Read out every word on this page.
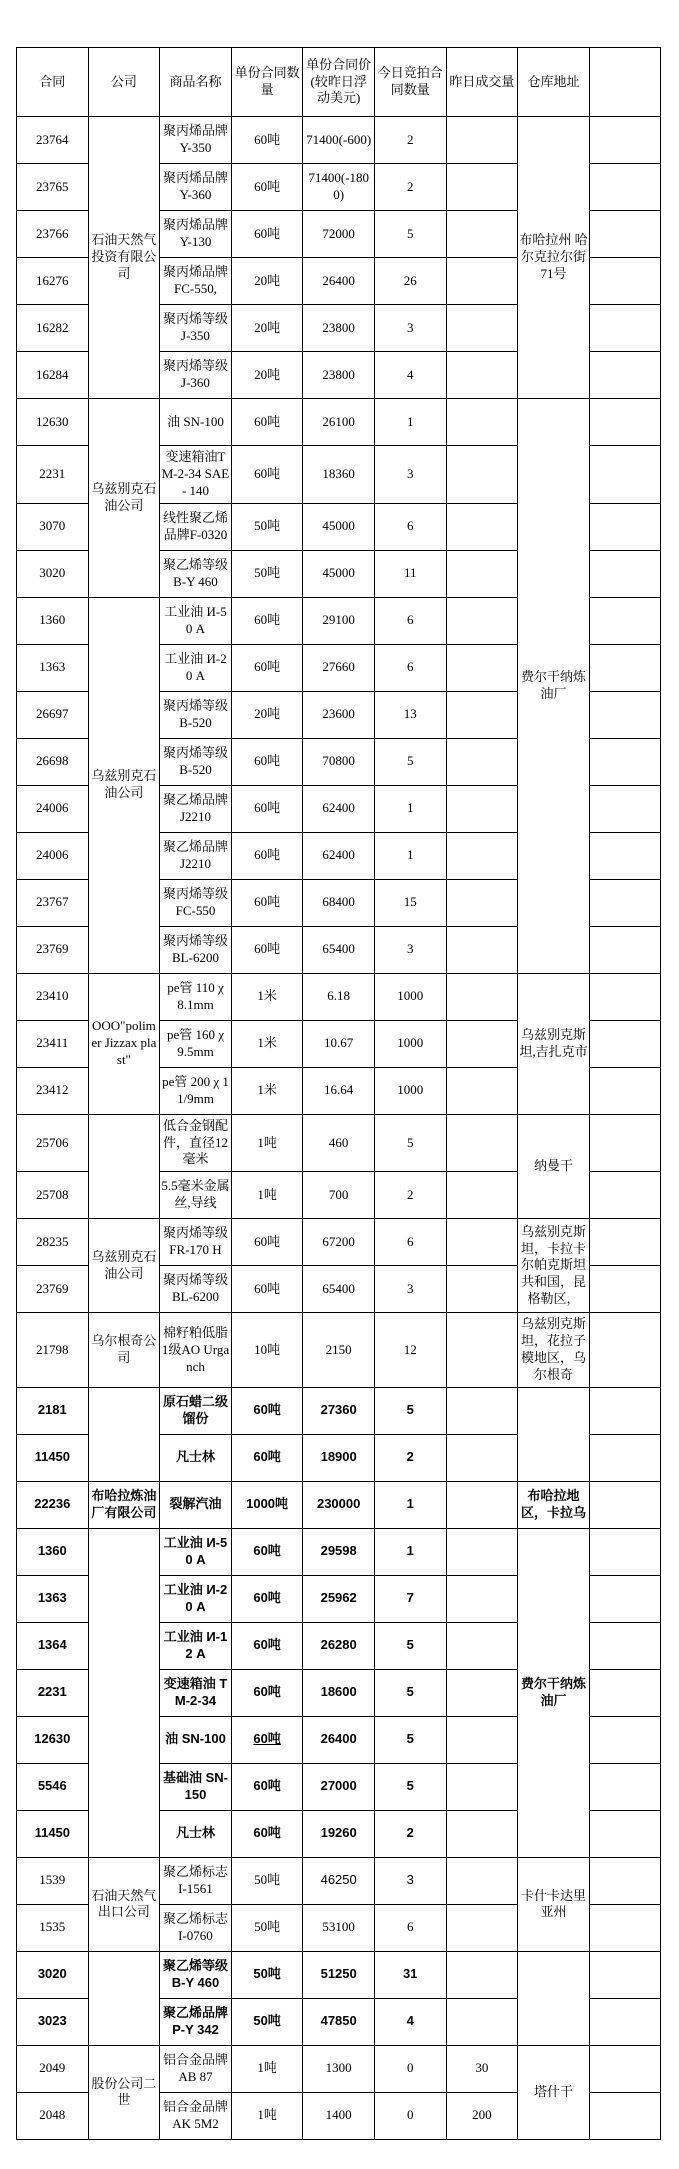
合同	公司	商品名称	单份合同数量	单份合同价(较昨日浮动美元)	今日竞拍合同数量	昨日成交量	仓库地址	
23764	石油天然气投资有限公司	聚丙烯品牌Y-350	60吨	71400(-600)	2		布哈拉州 哈尔克拉尔街71号	
23765		聚丙烯品牌Y-360	60吨	71400(-1800)	2			
23766		聚丙烯品牌Y-130	60吨	72000	5			
16276		聚丙烯品牌FC-550,	20吨	26400	26			
16282		聚丙烯等级J-350	20吨	23800	3			
16284		聚丙烯等级J-360	20吨	23800	4			
12630	乌兹别克石油公司	油 SN-100	60吨	26100	1		费尔干纳炼油厂	
2231		变速箱油TM-2-34 SAE - 140	60吨	18360	3			
3070		线性聚乙烯品牌F-0320	50吨	45000	6			
3020		聚乙烯等级B-Y 460	50吨	45000	11			
1360	乌兹别克石油公司	工业油 И-50 A	60吨	29100	6			
1363		工业油 И-20 A	60吨	27660	6			
26697		聚丙烯等级B-520	20吨	23600	13			
26698		聚丙烯等级B-520	60吨	70800	5			
24006		聚乙烯品牌J2210	60吨	62400	1			
24006		聚乙烯品牌J2210	60吨	62400	1			
23767		聚丙烯等级FC-550	60吨	68400	15			
23769		聚丙烯等级BL-6200	60吨	65400	3			
23410	OOO"polimer Jizzax plast"	pe管 110 χ 8.1mm	1米	6.18	1000		乌兹别克斯坦,吉扎克市	
23411		pe管 160 χ 9.5mm	1米	10.67	1000			
23412		pe管 200 χ 11/9mm	1米	16.64	1000			
25706		低合金钢配件，直径12毫米	1吨	460	5		纳曼干	
25708		5.5毫米金属丝,导线	1吨	700	2			
28235	乌兹别克石油公司	聚丙烯等级 FR-170 H	60吨	67200	6		乌兹别克斯坦，卡拉卡尔帕克斯坦共和国，昆格勒区，	
23769		聚丙烯等级BL-6200	60吨	65400	3			
21798	乌尔根奇公司	棉籽粕低脂1级AO Urganch	10吨	2150	12		乌兹别克斯坦，花拉子模地区，乌尔根奇	
2181		原石蜡二级馏份	60吨	27360	5			
11450		凡士林	60吨	18900	2			
22236	布哈拉炼油厂有限公司	裂解汽油	1000吨	230000	1		布哈拉地区，卡拉乌	
1360		工业油 И-50 A	60吨	29598	1		费尔干纳炼油厂	
1363		工业油 И-20 A	60吨	25962	7			
1364		工业油 И-12 A	60吨	26280	5			
2231		变速箱油 TM-2-34	60吨	18600	5			
12630		油 SN-100	60吨	26400	5			
5546		基础油 SN-150	60吨	27000	5			
11450		凡士林	60吨	19260	2			
1539	石油天然气出口公司	聚乙烯标志I-1561	50吨	46250	3		卡什卡达里亚州	
1535		聚乙烯标志I-0760	50吨	53100	6			
3020		聚乙烯等级B-Y 460	50吨	51250	31			
3023		聚乙烯品牌P-Y 342	50吨	47850	4			
2049	股份公司二世	铝合金品牌AB 87	1吨	1300	0	30	塔什干	
2048		铝合金品牌AK 5M2	1吨	1400	0	200		
